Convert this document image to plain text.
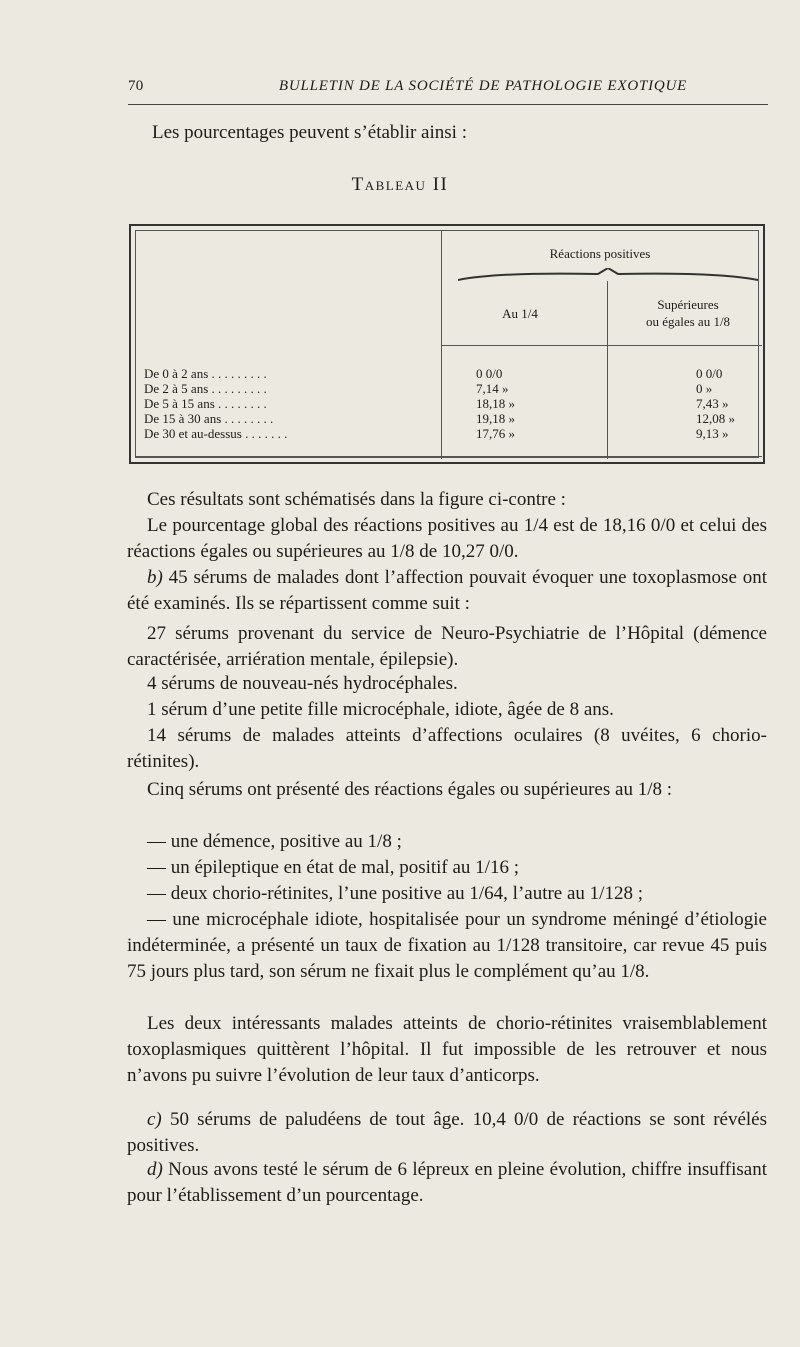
70	BULLETIN DE LA SOCIÉTÉ DE PATHOLOGIE EXOTIQUE
Les pourcentages peuvent s’établir ainsi :
Tableau II
Réactions positives
Au 1/4
Supérieures
ou égales au 1/8
De 0 à 2 ans . . . . . . . . .	0 0/0	0 0/0
De 2 à 5 ans . . . . . . . . .	7,14 »	0 »
De 5 à 15 ans . . . . . . . .	18,18 »	7,43 »
De 15 à 30 ans . . . . . . . .	19,18 »	12,08 »
De 30 et au-dessus . . . . . . .	17,76 »	9,13 »
Ces résultats sont schématisés dans la figure ci-contre :
Le pourcentage global des réactions positives au 1/4 est de 18,16 0/0 et celui des réactions égales ou supérieures au 1/8 de 10,27 0/0.
b) 45 sérums de malades dont l’affection pouvait évoquer une toxoplasmose ont été examinés. Ils se répartissent comme suit :
27 sérums provenant du service de Neuro-Psychiatrie de l’Hôpital (démence caractérisée, arriération mentale, épilepsie).
4 sérums de nouveau-nés hydrocéphales.
1 sérum d’une petite fille microcéphale, idiote, âgée de 8 ans.
14 sérums de malades atteints d’affections oculaires (8 uvéites, 6 chorio-rétinites).
Cinq sérums ont présenté des réactions égales ou supérieures au 1/8 :
— une démence, positive au 1/8 ;
— un épileptique en état de mal, positif au 1/16 ;
— deux chorio-rétinites, l’une positive au 1/64, l’autre au 1/128 ;
— une microcéphale idiote, hospitalisée pour un syndrome méningé d’étiologie indéterminée, a présenté un taux de fixation au 1/128 transitoire, car revue 45 puis 75 jours plus tard, son sérum ne fixait plus le complément qu’au 1/8.
Les deux intéressants malades atteints de chorio-rétinites vraisemblablement toxoplasmiques quittèrent l’hôpital. Il fut impossible de les retrouver et nous n’avons pu suivre l’évolution de leur taux d’anticorps.
c) 50 sérums de paludéens de tout âge. 10,4 0/0 de réactions se sont révélés positives.
d) Nous avons testé le sérum de 6 lépreux en pleine évolution, chiffre insuffisant pour l’établissement d’un pourcentage.
